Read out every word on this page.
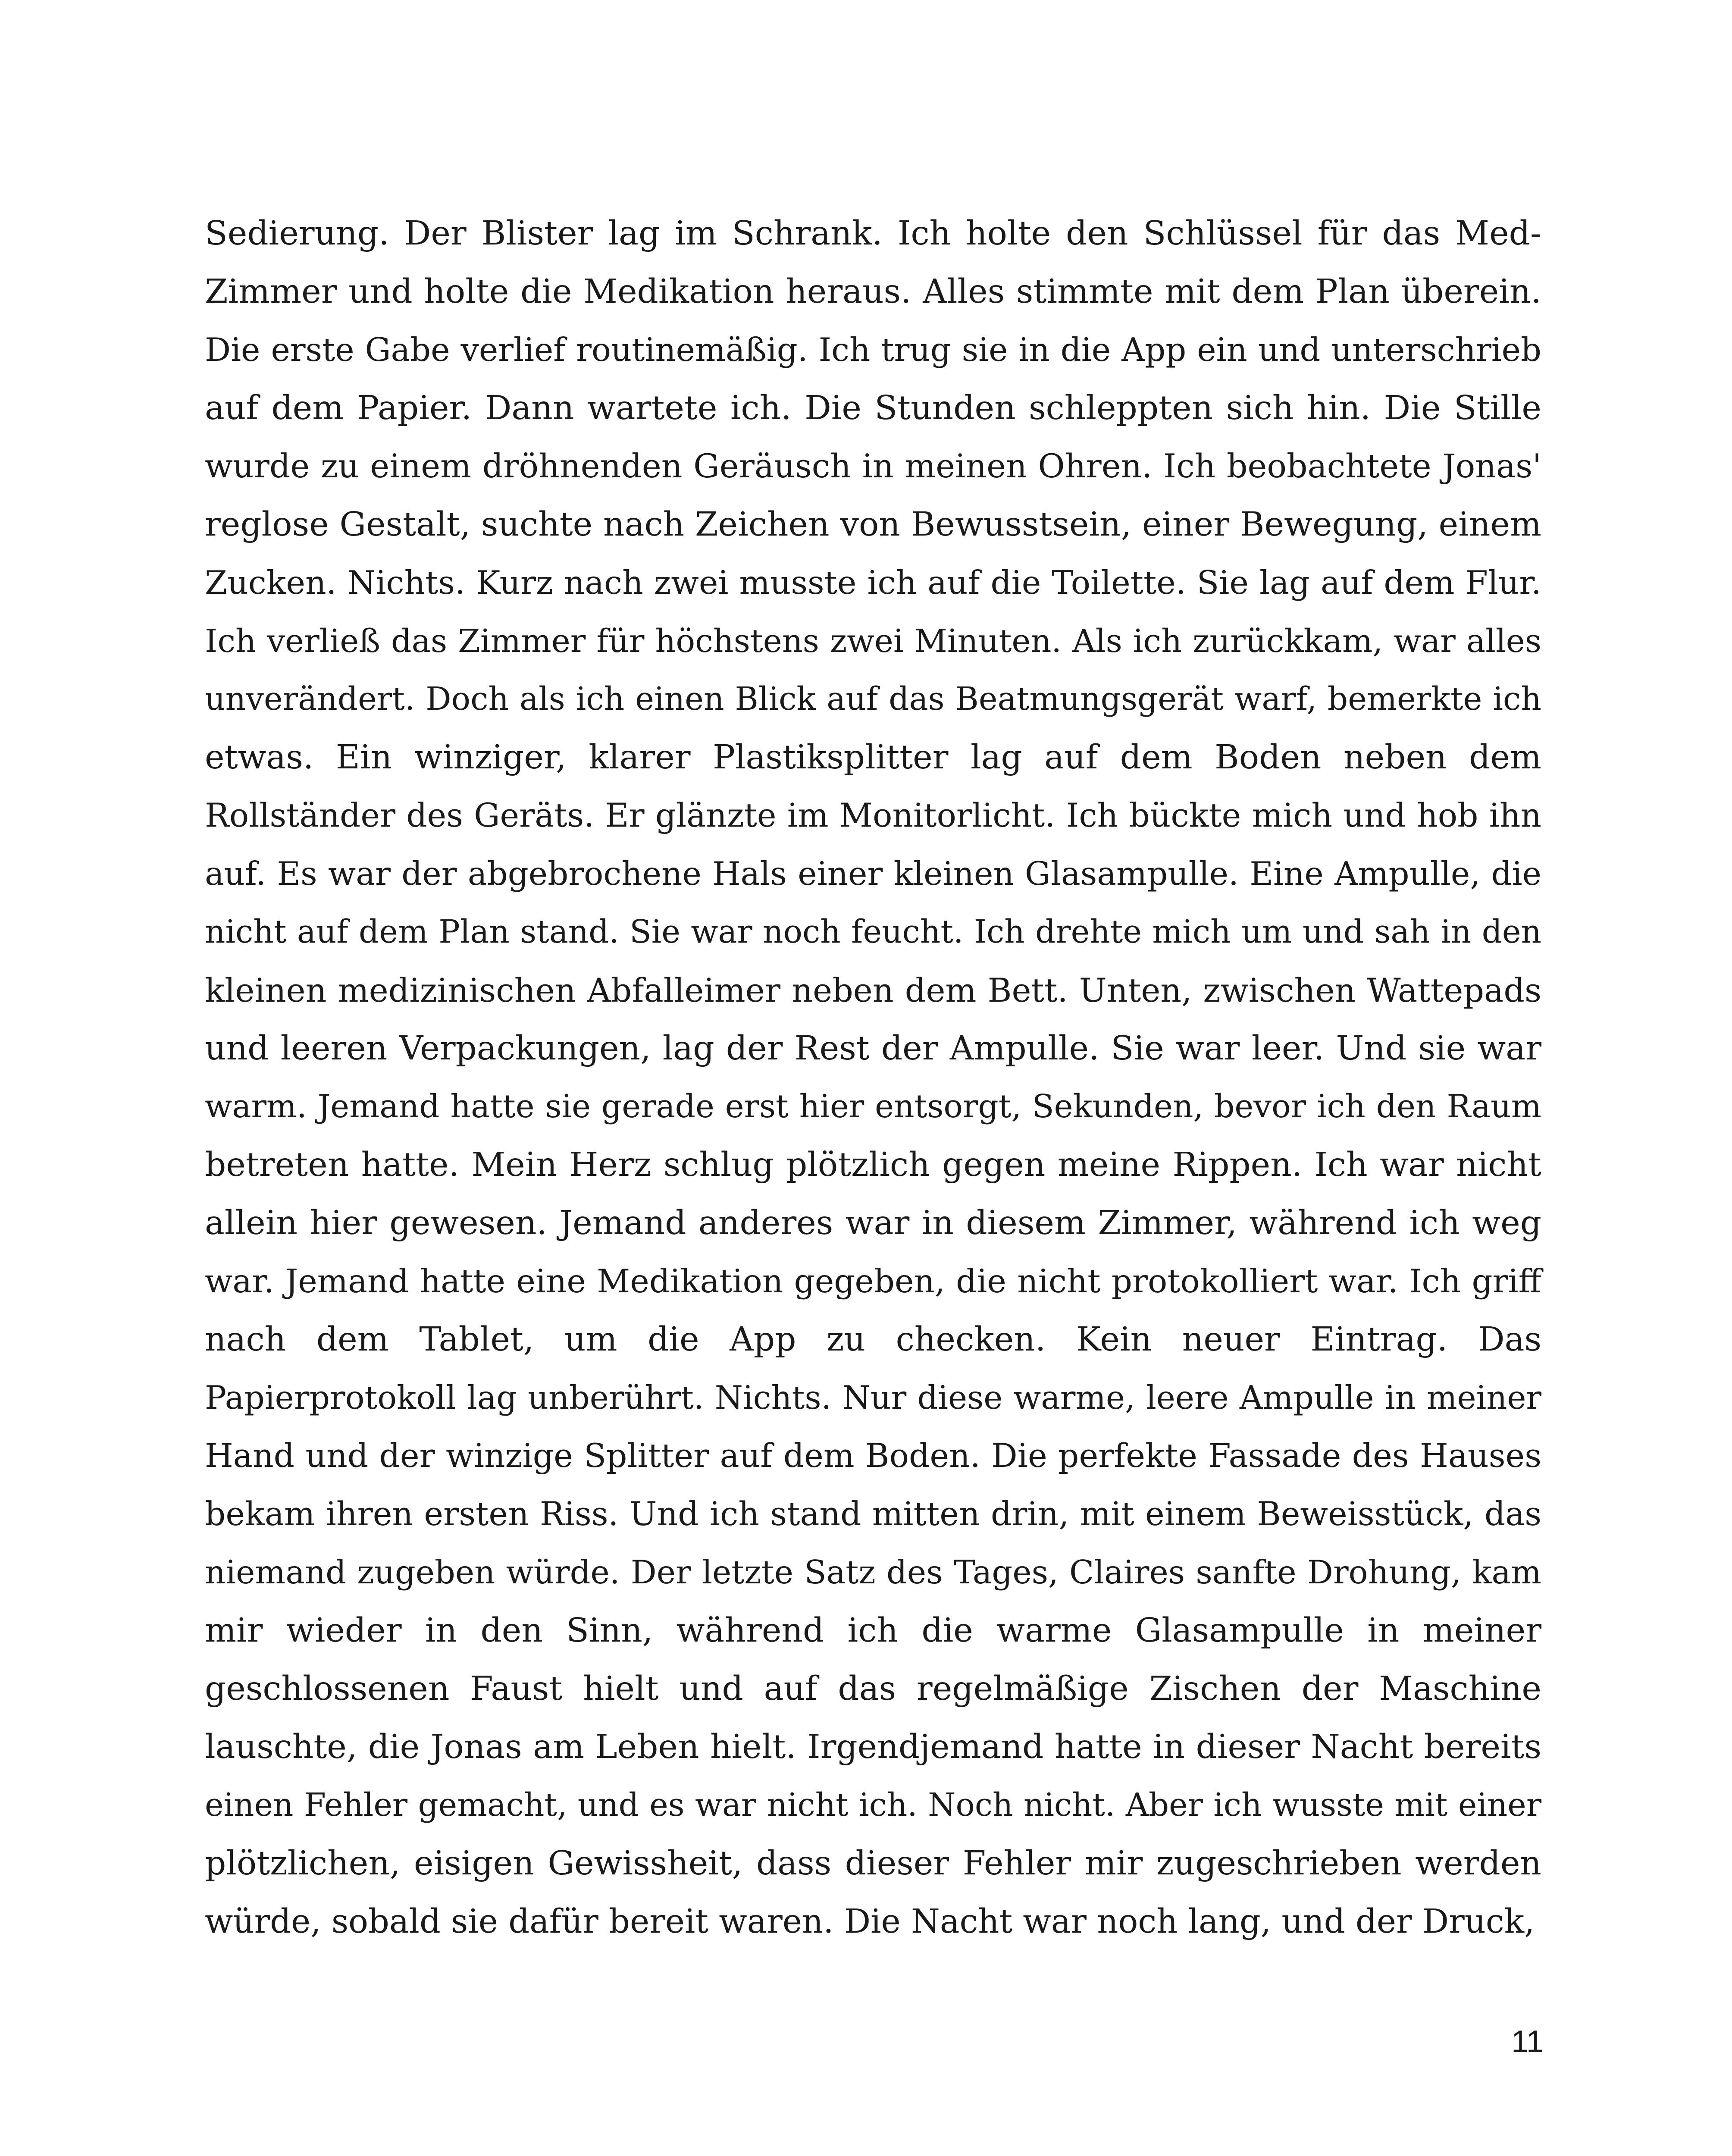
Sedierung. Der Blister lag im Schrank. Ich holte den Schlüssel für das Med-
Zimmer und holte die Medikation heraus. Alles stimmte mit dem Plan überein.
Die erste Gabe verlief routinemäßig. Ich trug sie in die App ein und unterschrieb
auf dem Papier. Dann wartete ich. Die Stunden schleppten sich hin. Die Stille
wurde zu einem dröhnenden Geräusch in meinen Ohren. Ich beobachtete Jonas'
reglose Gestalt, suchte nach Zeichen von Bewusstsein, einer Bewegung, einem
Zucken. Nichts. Kurz nach zwei musste ich auf die Toilette. Sie lag auf dem Flur.
Ich verließ das Zimmer für höchstens zwei Minuten. Als ich zurückkam, war alles
unverändert. Doch als ich einen Blick auf das Beatmungsgerät warf, bemerkte ich
etwas. Ein winziger, klarer Plastiksplitter lag auf dem Boden neben dem
Rollständer des Geräts. Er glänzte im Monitorlicht. Ich bückte mich und hob ihn
auf. Es war der abgebrochene Hals einer kleinen Glasampulle. Eine Ampulle, die
nicht auf dem Plan stand. Sie war noch feucht. Ich drehte mich um und sah in den
kleinen medizinischen Abfalleimer neben dem Bett. Unten, zwischen Wattepads
und leeren Verpackungen, lag der Rest der Ampulle. Sie war leer. Und sie war
warm. Jemand hatte sie gerade erst hier entsorgt, Sekunden, bevor ich den Raum
betreten hatte. Mein Herz schlug plötzlich gegen meine Rippen. Ich war nicht
allein hier gewesen. Jemand anderes war in diesem Zimmer, während ich weg
war. Jemand hatte eine Medikation gegeben, die nicht protokolliert war. Ich griff
nach dem Tablet, um die App zu checken. Kein neuer Eintrag. Das
Papierprotokoll lag unberührt. Nichts. Nur diese warme, leere Ampulle in meiner
Hand und der winzige Splitter auf dem Boden. Die perfekte Fassade des Hauses
bekam ihren ersten Riss. Und ich stand mitten drin, mit einem Beweisstück, das
niemand zugeben würde. Der letzte Satz des Tages, Claires sanfte Drohung, kam
mir wieder in den Sinn, während ich die warme Glasampulle in meiner
geschlossenen Faust hielt und auf das regelmäßige Zischen der Maschine
lauschte, die Jonas am Leben hielt. Irgendjemand hatte in dieser Nacht bereits
einen Fehler gemacht, und es war nicht ich. Noch nicht. Aber ich wusste mit einer
plötzlichen, eisigen Gewissheit, dass dieser Fehler mir zugeschrieben werden
würde, sobald sie dafür bereit waren. Die Nacht war noch lang, und der Druck,
11
